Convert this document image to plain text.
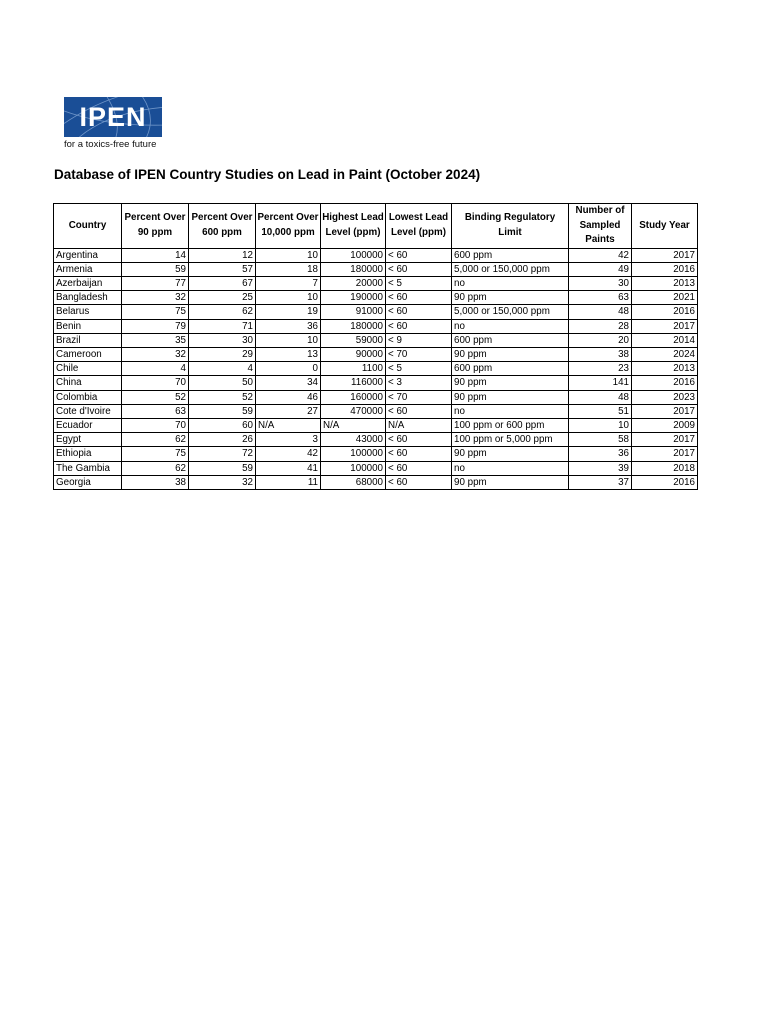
IPEN
for a toxics-free future
Database of IPEN Country Studies on Lead in Paint (October 2024)
Country	Percent Over 90 ppm	Percent Over 600 ppm	Percent Over 10,000 ppm	Highest Lead Level (ppm)	Lowest Lead Level (ppm)	Binding Regulatory Limit	Number of Sampled Paints	Study Year
Argentina	14	12	10	100000	< 60	600 ppm	42	2017
Armenia	59	57	18	180000	< 60	5,000 or 150,000 ppm	49	2016
Azerbaijan	77	67	7	20000	< 5	no	30	2013
Bangladesh	32	25	10	190000	< 60	90 ppm	63	2021
Belarus	75	62	19	91000	< 60	5,000 or 150,000 ppm	48	2016
Benin	79	71	36	180000	< 60	no	28	2017
Brazil	35	30	10	59000	< 9	600 ppm	20	2014
Cameroon	32	29	13	90000	< 70	90 ppm	38	2024
Chile	4	4	0	1100	< 5	600 ppm	23	2013
China	70	50	34	116000	< 3	90 ppm	141	2016
Colombia	52	52	46	160000	< 70	90 ppm	48	2023
Cote d'Ivoire	63	59	27	470000	< 60	no	51	2017
Ecuador	70	60	N/A	N/A	N/A	100 ppm or 600 ppm	10	2009
Egypt	62	26	3	43000	< 60	100 ppm or 5,000 ppm	58	2017
Ethiopia	75	72	42	100000	< 60	90 ppm	36	2017
The Gambia	62	59	41	100000	< 60	no	39	2018
Georgia	38	32	11	68000	< 60	90 ppm	37	2016
